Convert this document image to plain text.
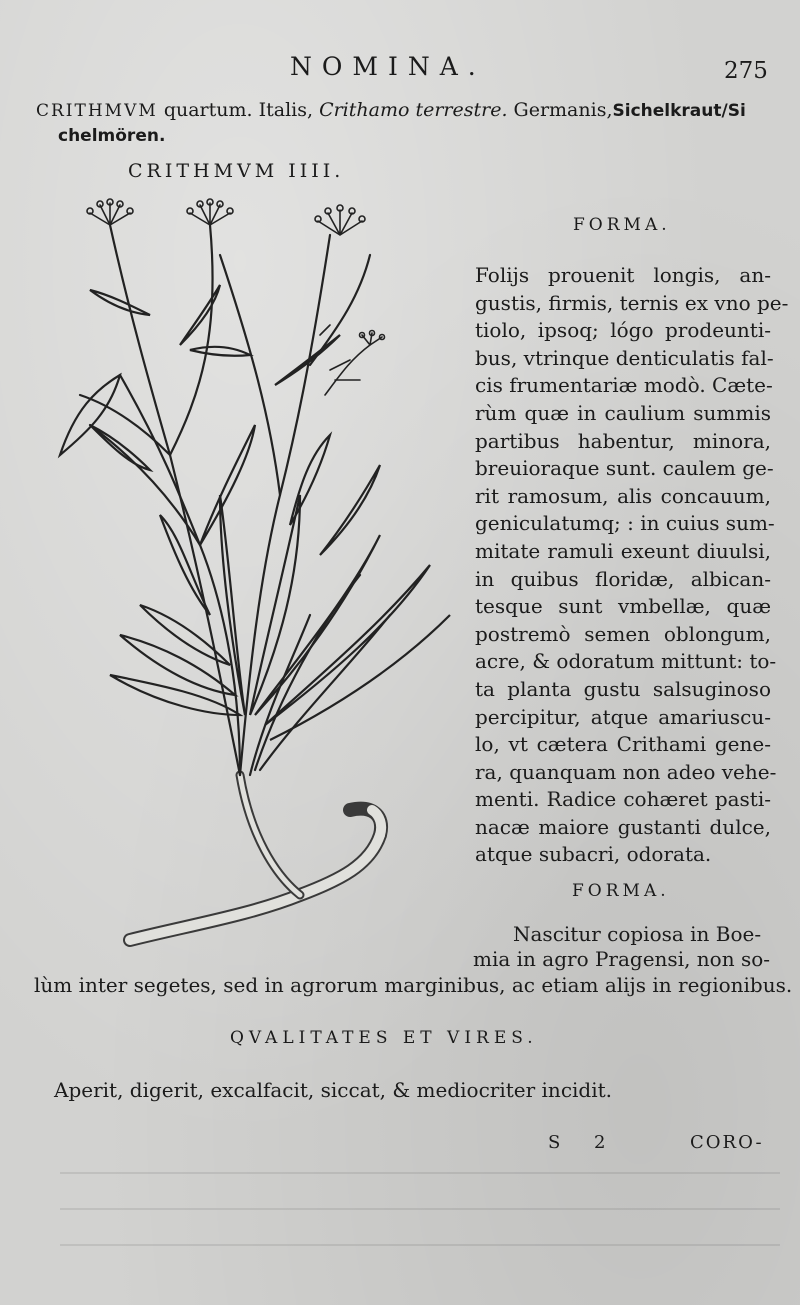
NOMINA.	275
CRITHMVM quartum. Italis, Crithamo terrestre. Germanis,Sichelkraut/Si
chelmören.
CRITHMVM IIII.
FORMA.
Folijs prouenit longis, an-
gustis, firmis, ternis ex vno pe-
tiolo, ipsoq; lógo prodeunti-
bus, vtrinque denticulatis fal-
cis frumentariæ modò. Cæte-
rùm quæ in caulium summis
partibus habentur, minora,
breuioraque sunt. caulem ge-
rit ramosum, alis concauum,
geniculatumq; : in cuius sum-
mitate ramuli exeunt diuulsi,
in quibus floridæ, albican-
tesque sunt vmbellæ, quæ
postremò semen oblongum,
acre, & odoratum mittunt: to-
ta planta gustu salsuginoso
percipitur, atque amariuscu-
lo, vt cætera Crithami gene-
ra, quanquam non adeo vehe-
menti. Radice cohæret pasti-
nacæ maiore gustanti dulce,
atque subacri, odorata.
FORMA.
Nascitur copiosa in Boe-
mia in agro Pragensi, non so-
lùm inter segetes, sed in agrorum marginibus, ac etiam alijs in regionibus.
QVALITATES ET VIRES.
Aperit, digerit, excalfacit, siccat, & mediocriter incidit.
S 2	CORO-
